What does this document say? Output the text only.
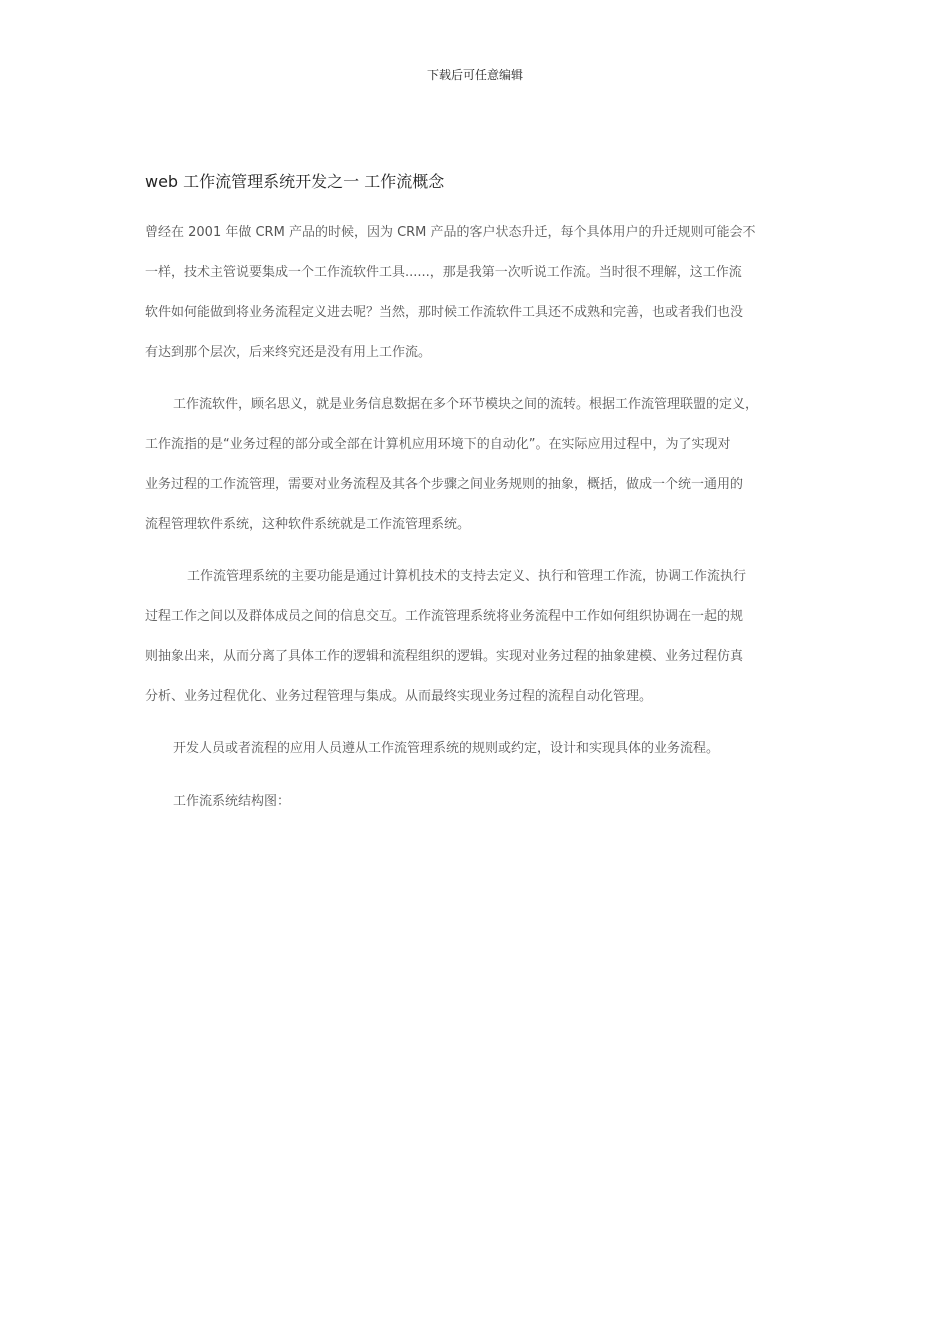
下载后可任意编辑
web 工作流管理系统开发之一 工作流概念
曾经在 2001 年做 CRM 产品的时候，因为 CRM 产品的客户状态升迁，每个具体用户的升迁规则可能会不
一样，技术主管说要集成一个工作流软件工具......，那是我第一次听说工作流。当时很不理解，这工作流
软件如何能做到将业务流程定义进去呢？当然，那时候工作流软件工具还不成熟和完善，也或者我们也没
有达到那个层次，后来终究还是没有用上工作流。
工作流软件，顾名思义，就是业务信息数据在多个环节模块之间的流转。根据工作流管理联盟的定义，
工作流指的是“业务过程的部分或全部在计算机应用环境下的自动化”。在实际应用过程中，为了实现对
业务过程的工作流管理，需要对业务流程及其各个步骤之间业务规则的抽象，概括，做成一个统一通用的
流程管理软件系统，这种软件系统就是工作流管理系统。
工作流管理系统的主要功能是通过计算机技术的支持去定义、执行和管理工作流，协调工作流执行
过程工作之间以及群体成员之间的信息交互。工作流管理系统将业务流程中工作如何组织协调在一起的规
则抽象出来，从而分离了具体工作的逻辑和流程组织的逻辑。实现对业务过程的抽象建模、业务过程仿真
分析、业务过程优化、业务过程管理与集成。从而最终实现业务过程的流程自动化管理。
开发人员或者流程的应用人员遵从工作流管理系统的规则或约定，设计和实现具体的业务流程。
工作流系统结构图：
